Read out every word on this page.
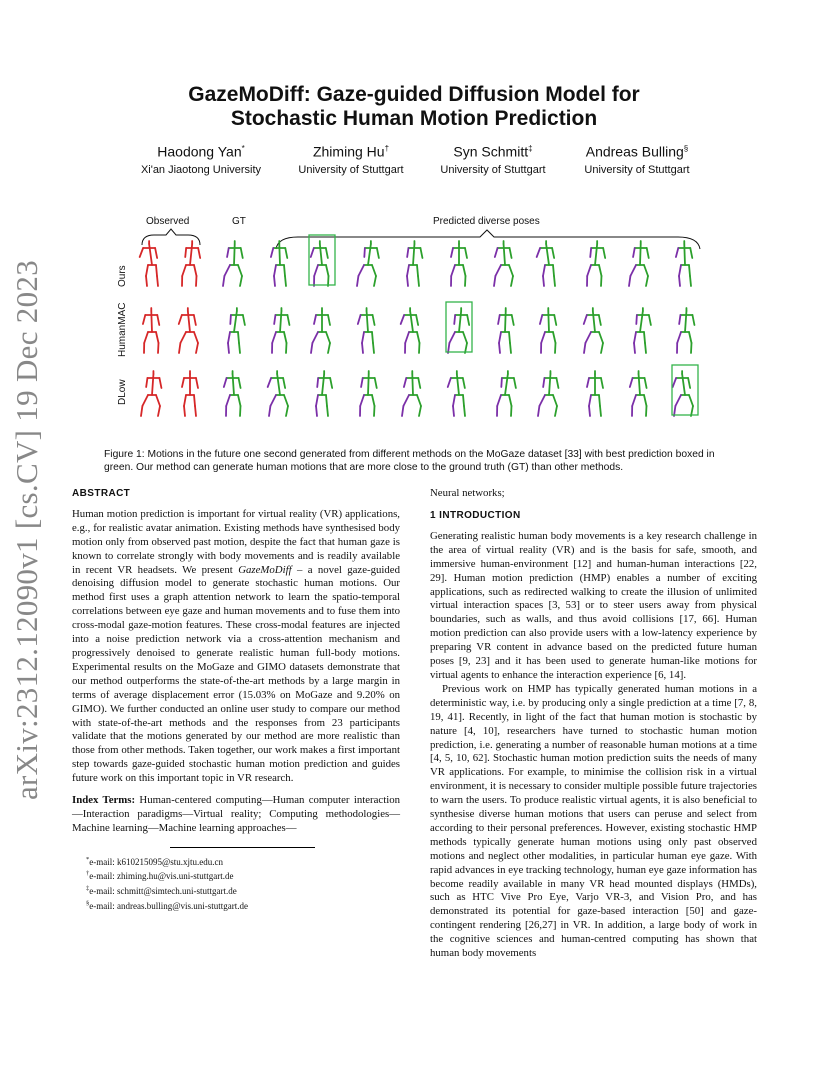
arXiv:2312.12090v1 [cs.CV] 19 Dec 2023
GazeMoDiff: Gaze-guided Diffusion Model for
Stochastic Human Motion Prediction
Haodong Yan*
Xi'an Jiaotong University
Zhiming Hu†
University of Stuttgart
Syn Schmitt‡
University of Stuttgart
Andreas Bulling§
University of Stuttgart
Observed	GT	Predicted diverse poses
Ours
HumanMAC
DLow
Figure 1: Motions in the future one second generated from different methods on the MoGaze dataset [33] with best prediction boxed in green. Our method can generate human motions that are more close to the ground truth (GT) than other methods.
ABSTRACT

Human motion prediction is important for virtual reality (VR) applications, e.g., for realistic avatar animation. Existing methods have synthesised body motion only from observed past motion, despite the fact that human gaze is known to correlate strongly with body movements and is readily available in recent VR headsets. We present GazeMoDiff – a novel gaze-guided denoising diffusion model to generate stochastic human motions. Our method first uses a graph attention network to learn the spatio-temporal correlations between eye gaze and human movements and to fuse them into cross-modal gaze-motion features. These cross-modal features are injected into a noise prediction network via a cross-attention mechanism and progressively denoised to generate realistic human full-body motions. Experimental results on the MoGaze and GIMO datasets demonstrate that our method outperforms the state-of-the-art methods by a large margin in terms of average displacement error (15.03% on MoGaze and 9.20% on GIMO). We further conducted an online user study to compare our method with state-of-the-art methods and the responses from 23 participants validate that the motions generated by our method are more realistic than those from other methods. Taken together, our work makes a first important step towards gaze-guided stochastic human motion prediction and guides future work on this important topic in VR research.

Index Terms: Human-centered computing—Human computer interaction—Interaction paradigms—Virtual reality; Computing methodologies—Machine learning—Machine learning approaches—

*e-mail: k610215095@stu.xjtu.edu.cn
†e-mail: zhiming.hu@vis.uni-stuttgart.de
‡e-mail: schmitt@simtech.uni-stuttgart.de
§e-mail: andreas.bulling@vis.uni-stuttgart.de
Neural networks;
1 INTRODUCTION

Generating realistic human body movements is a key research challenge in the area of virtual reality (VR) and is the basis for safe, smooth, and immersive human-environment [12] and human-human interactions [22, 29]. Human motion prediction (HMP) enables a number of exciting applications, such as redirected walking to create the illusion of unlimited virtual interaction spaces [3, 53] or to steer users away from physical boundaries, such as walls, and thus avoid collisions [17, 66]. Human motion prediction can also provide users with a low-latency experience by preparing VR content in advance based on the predicted future human poses [9, 23] and it has been used to generate human-like motions for virtual agents to enhance the interaction experience [6, 14].

Previous work on HMP has typically generated human motions in a deterministic way, i.e. by producing only a single prediction at a time [7, 8, 19, 41]. Recently, in light of the fact that human motion is stochastic by nature [4, 10], researchers have turned to stochastic human motion prediction, i.e. generating a number of reasonable human motions at a time [4, 5, 10, 62]. Stochastic human motion prediction suits the needs of many VR applications. For example, to minimise the collision risk in a virtual environment, it is necessary to consider multiple possible future trajectories to warn the users. To produce realistic virtual agents, it is also beneficial to synthesise diverse human motions that users can peruse and select from according to their personal preferences. However, existing stochastic HMP methods typically generate human motions using only past observed motions and neglect other modalities, in particular human eye gaze. With rapid advances in eye tracking technology, human eye gaze information has become readily available in many VR head mounted displays (HMDs), such as HTC Vive Pro Eye, Varjo VR-3, and Vision Pro, and has demonstrated its potential for gaze-based interaction [50] and gaze-contingent rendering [26,27] in VR. In addition, a large body of work in the cognitive sciences and human-centred computing has shown that human body movements
